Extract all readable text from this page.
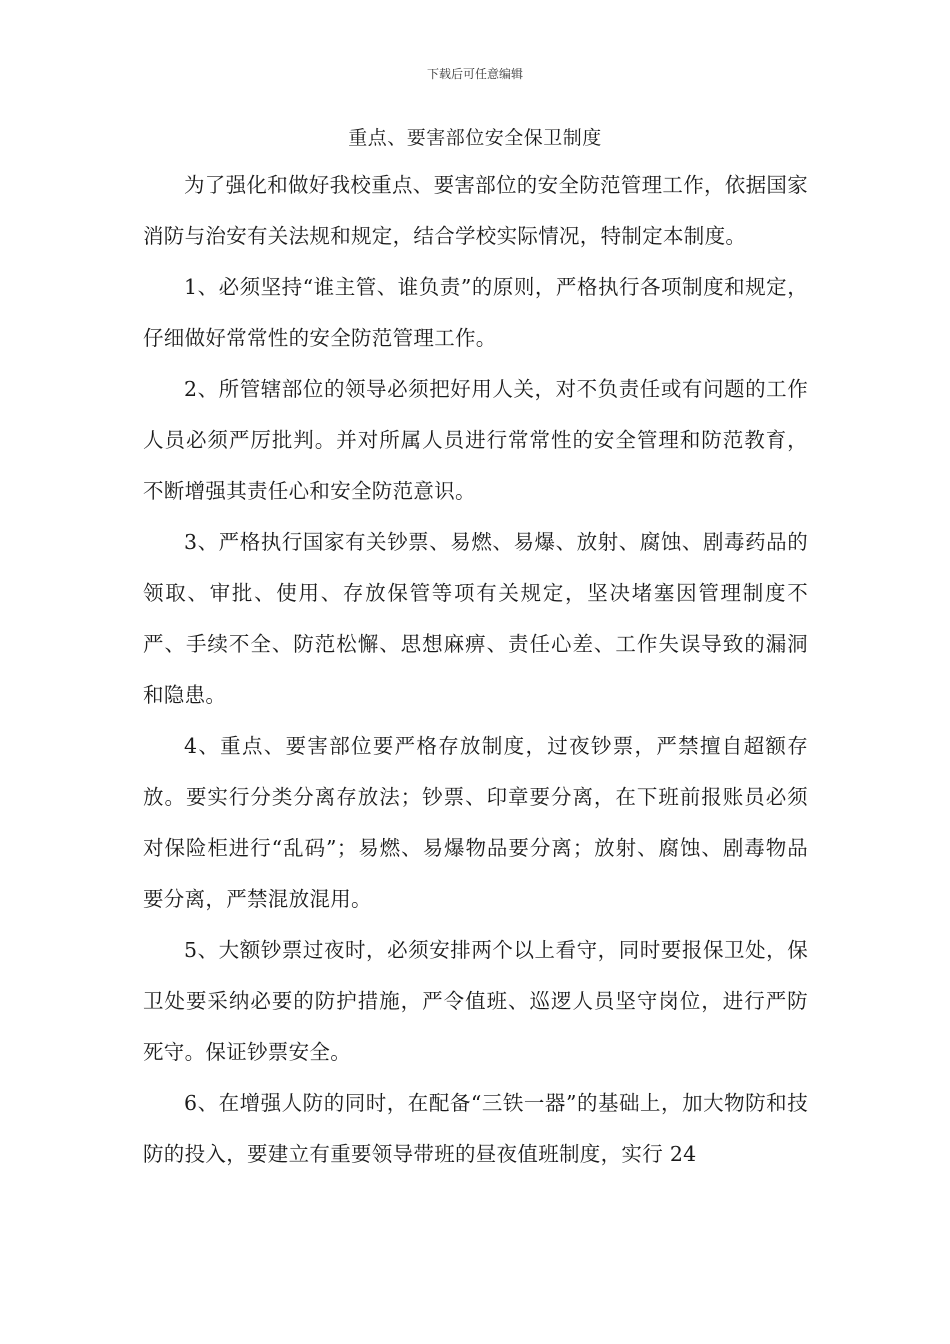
下载后可任意编辑
重点、要害部位安全保卫制度

为了强化和做好我校重点、要害部位的安全防范管理工作，依据国家消防与治安有关法规和规定，结合学校实际情况，特制定本制度。

1、必须坚持“谁主管、谁负责”的原则，严格执行各项制度和规定，仔细做好常常性的安全防范管理工作。

2、所管辖部位的领导必须把好用人关，对不负责任或有问题的工作人员必须严厉批判。并对所属人员进行常常性的安全管理和防范教育，不断增强其责任心和安全防范意识。

3、严格执行国家有关钞票、易燃、易爆、放射、腐蚀、剧毒药品的领取、审批、使用、存放保管等项有关规定，坚决堵塞因管理制度不严、手续不全、防范松懈、思想麻痹、责任心差、工作失误导致的漏洞和隐患。

4、重点、要害部位要严格存放制度，过夜钞票，严禁擅自超额存放。要实行分类分离存放法；钞票、印章要分离，在下班前报账员必须对保险柜进行“乱码”；易燃、易爆物品要分离；放射、腐蚀、剧毒物品要分离，严禁混放混用。

5、大额钞票过夜时，必须安排两个以上看守，同时要报保卫处，保卫处要采纳必要的防护措施，严令值班、巡逻人员坚守岗位，进行严防死守。保证钞票安全。

6、在增强人防的同时，在配备“三铁一器”的基础上，加大物防和技防的投入，要建立有重要领导带班的昼夜值班制度，实行 24
